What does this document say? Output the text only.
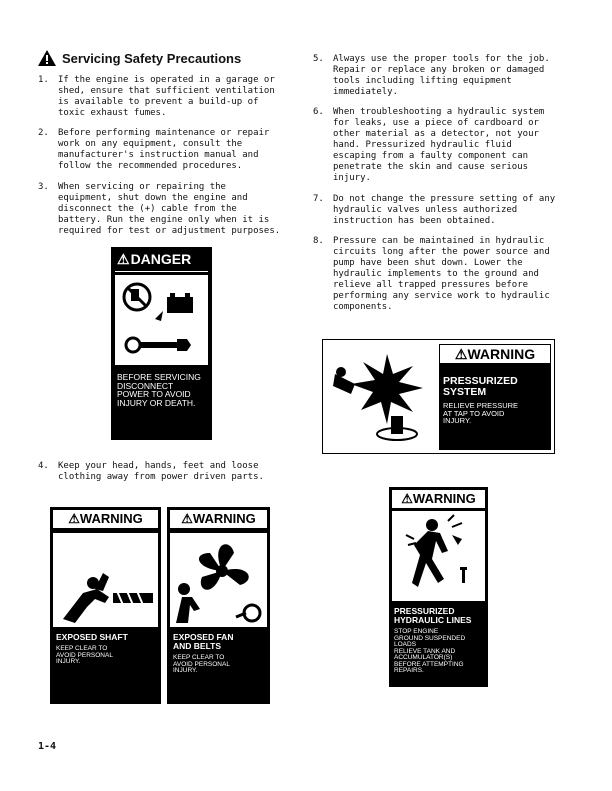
Servicing Safety Precautions
1. If the engine is operated in a garage or
shed, ensure that sufficient ventilation
is available to prevent a build-up of
toxic exhaust fumes.
2. Before performing maintenance or repair
work on any equipment, consult the
manufacturer's instruction manual and
follow the recommended procedures.
3. When servicing or repairing the
equipment, shut down the engine and
disconnect the (+) cable from the
battery. Run the engine only when it is
required for test or adjustment purposes.
4. Keep your head, hands, feet and loose
clothing away from power driven parts.
5. Always use the proper tools for the job.
Repair or replace any broken or damaged
tools including lifting equipment
immediately.
6. When troubleshooting a hydraulic system
for leaks, use a piece of cardboard or
other material as a detector, not your
hand. Pressurized hydraulic fluid
escaping from a faulty component can
penetrate the skin and cause serious
injury.
7. Do not change the pressure setting of any
hydraulic valves unless authorized
instruction has been obtained.
8. Pressure can be maintained in hydraulic
circuits long after the power source and
pump have been shut down. Lower the
hydraulic implements to the ground and
relieve all trapped pressures before
performing any service work to hydraulic
components.
⚠DANGER
BEFORE SERVICING
DISCONNECT
POWER TO AVOID
INJURY OR DEATH.
⚠WARNING
PRESSURIZED
SYSTEM
RELIEVE PRESSURE
AT TAP TO AVOID
INJURY.
⚠WARNING
EXPOSED SHAFT
KEEP CLEAR TO
AVOID PERSONAL
INJURY.
⚠WARNING
EXPOSED FAN
AND BELTS
KEEP CLEAR TO
AVOID PERSONAL
INJURY.
⚠WARNING
PRESSURIZED
HYDRAULIC LINES
STOP ENGINE
GROUND SUSPENDED
LOADS
RELIEVE TANK AND
ACCUMULATOR(S)
BEFORE ATTEMPTING
REPAIRS.
1-4
